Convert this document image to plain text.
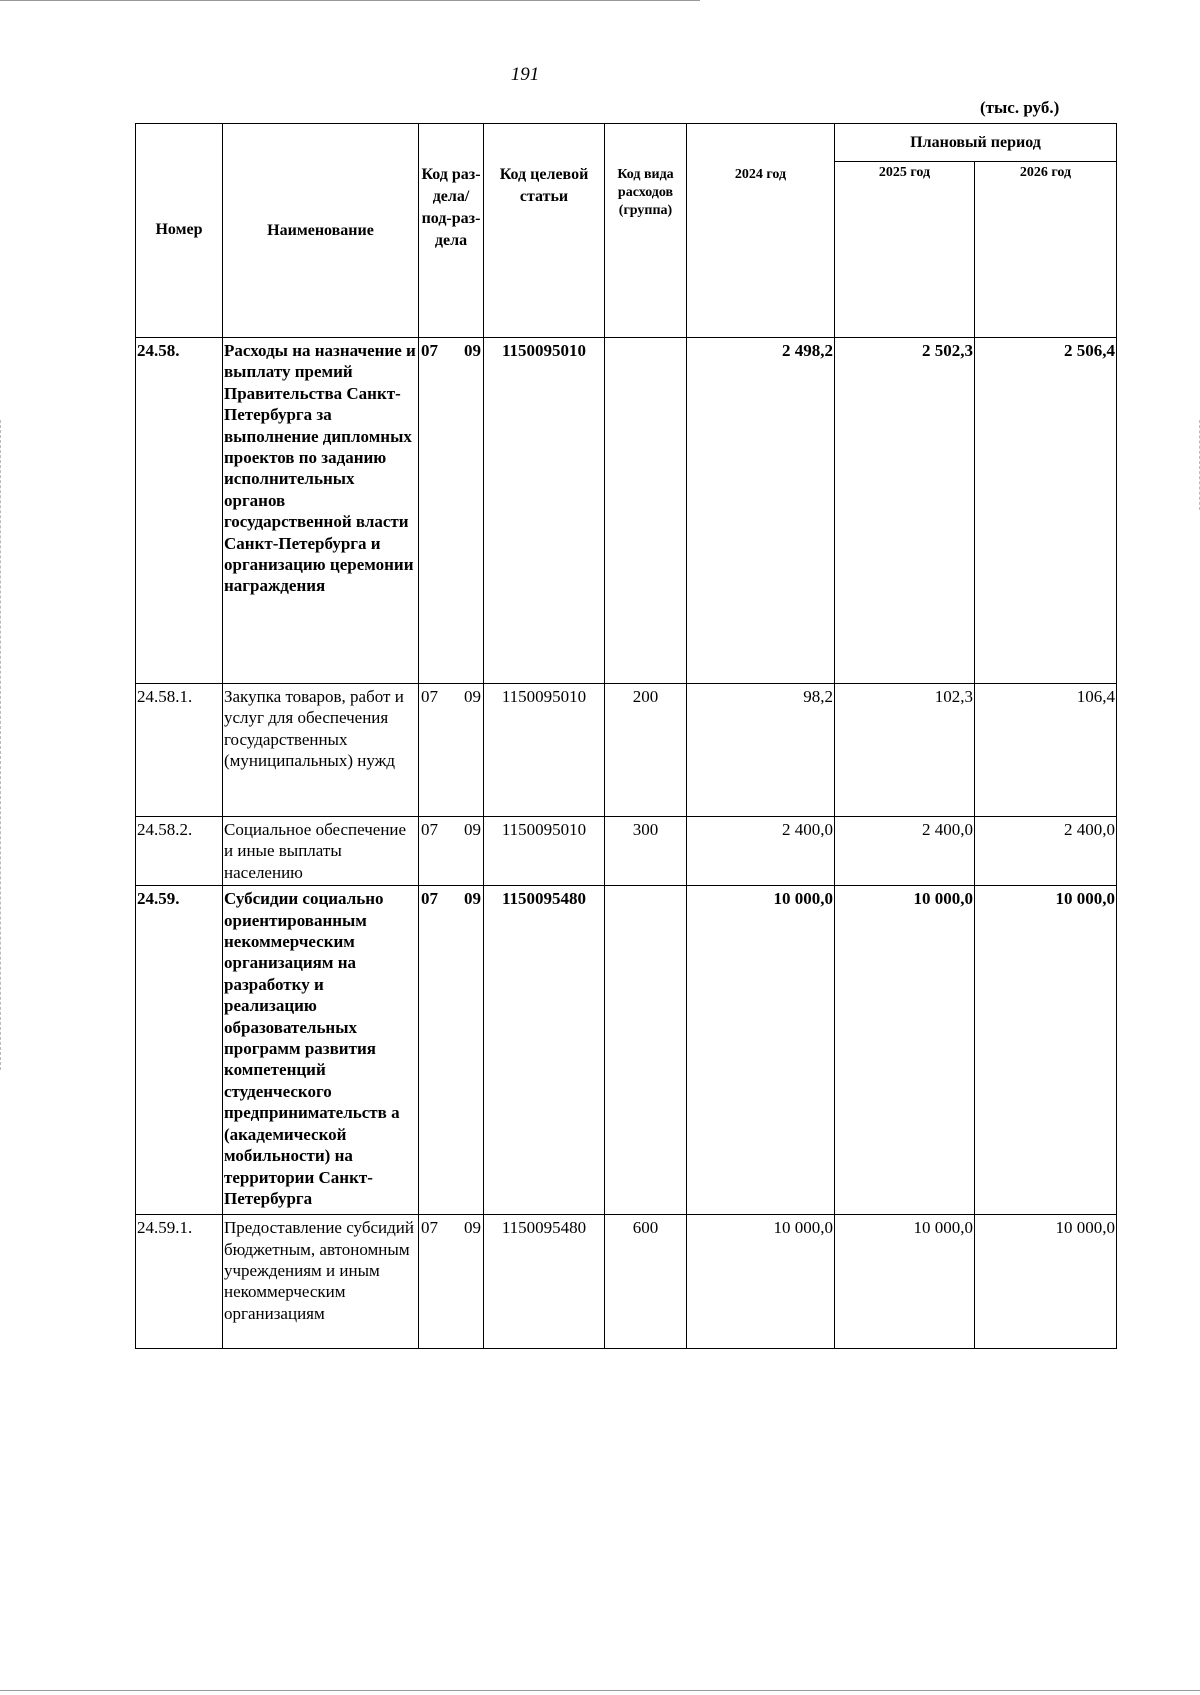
191
(тыс. руб.)
Номер	Наименование	Код раз-дела/ под-раз-дела	Код целевой статьи	Код вида расходов (группа)	2024 год	Плановый период	
						2025 год	2026 год
24.58.	Расходы на назначение и выплату премий Правительства Санкт-Петербурга за выполнение дипломных проектов по заданию исполнительных органов государственной власти Санкт-Петербурга и организацию церемонии награждения	07 09	1150095010		2 498,2	2 502,3	2 506,4
24.58.1.	Закупка товаров, работ и услуг для обеспечения государственных (муниципальных) нужд	07 09	1150095010	200	98,2	102,3	106,4
24.58.2.	Социальное обеспечение и иные выплаты населению	07 09	1150095010	300	2 400,0	2 400,0	2 400,0
24.59.	Субсидии социально ориентированным некоммерческим организациям на разработку и реализацию образовательных программ развития компетенций студенческого предпринимательств а (академической мобильности) на территории Санкт-Петербурга	07 09	1150095480		10 000,0	10 000,0	10 000,0
24.59.1.	Предоставление субсидий бюджетным, автономным учреждениям и иным некоммерческим организациям	07 09	1150095480	600	10 000,0	10 000,0	10 000,0
